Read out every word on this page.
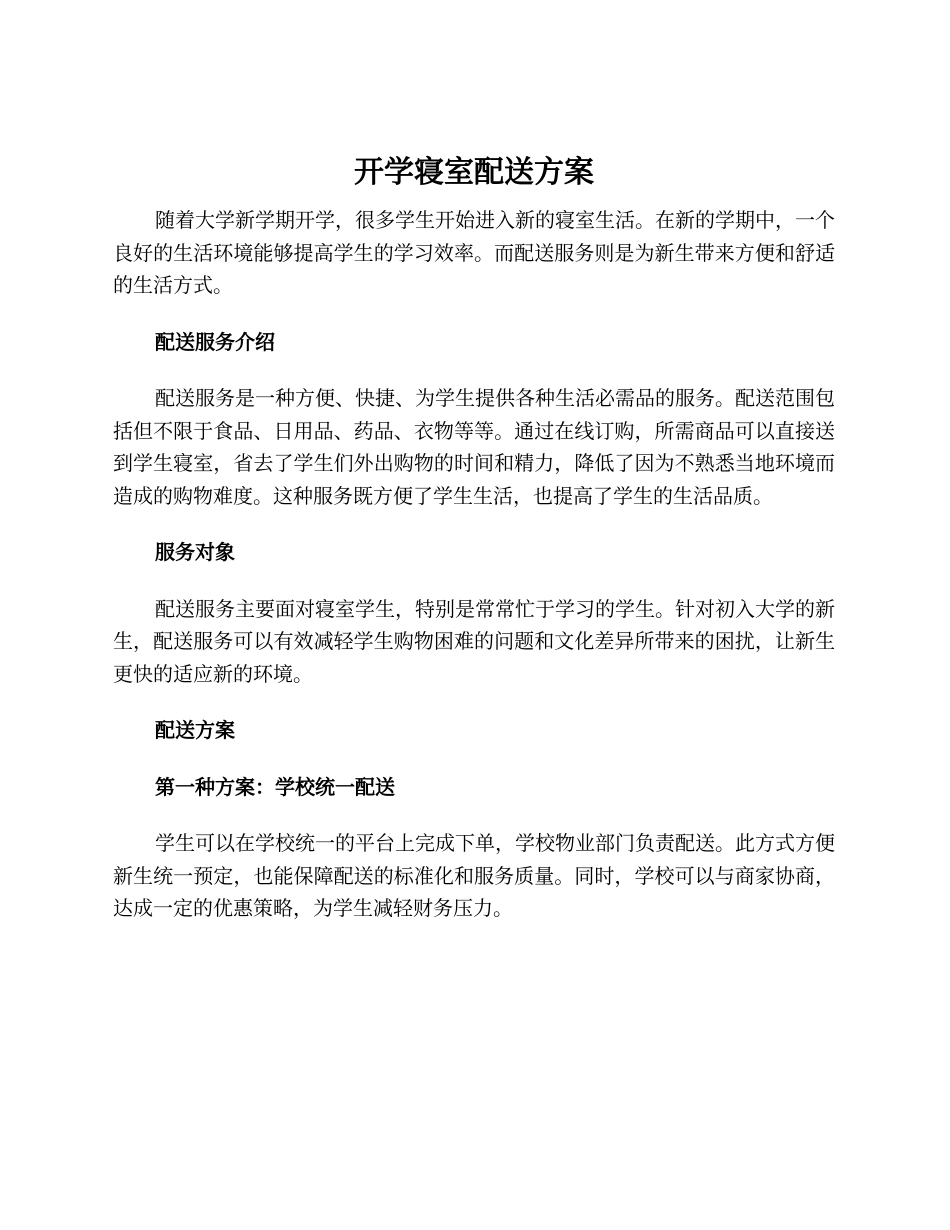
开学寝室配送方案

随着大学新学期开学，很多学生开始进入新的寝室生活。在新的学期中，一个良好的生活环境能够提高学生的学习效率。而配送服务则是为新生带来方便和舒适的生活方式。

配送服务介绍

配送服务是一种方便、快捷、为学生提供各种生活必需品的服务。配送范围包括但不限于食品、日用品、药品、衣物等等。通过在线订购，所需商品可以直接送到学生寝室，省去了学生们外出购物的时间和精力，降低了因为不熟悉当地环境而造成的购物难度。这种服务既方便了学生生活，也提高了学生的生活品质。

服务对象

配送服务主要面对寝室学生，特别是常常忙于学习的学生。针对初入大学的新生，配送服务可以有效减轻学生购物困难的问题和文化差异所带来的困扰，让新生更快的适应新的环境。

配送方案

第一种方案：学校统一配送

学生可以在学校统一的平台上完成下单，学校物业部门负责配送。此方式方便新生统一预定，也能保障配送的标准化和服务质量。同时，学校可以与商家协商，达成一定的优惠策略，为学生减轻财务压力。
